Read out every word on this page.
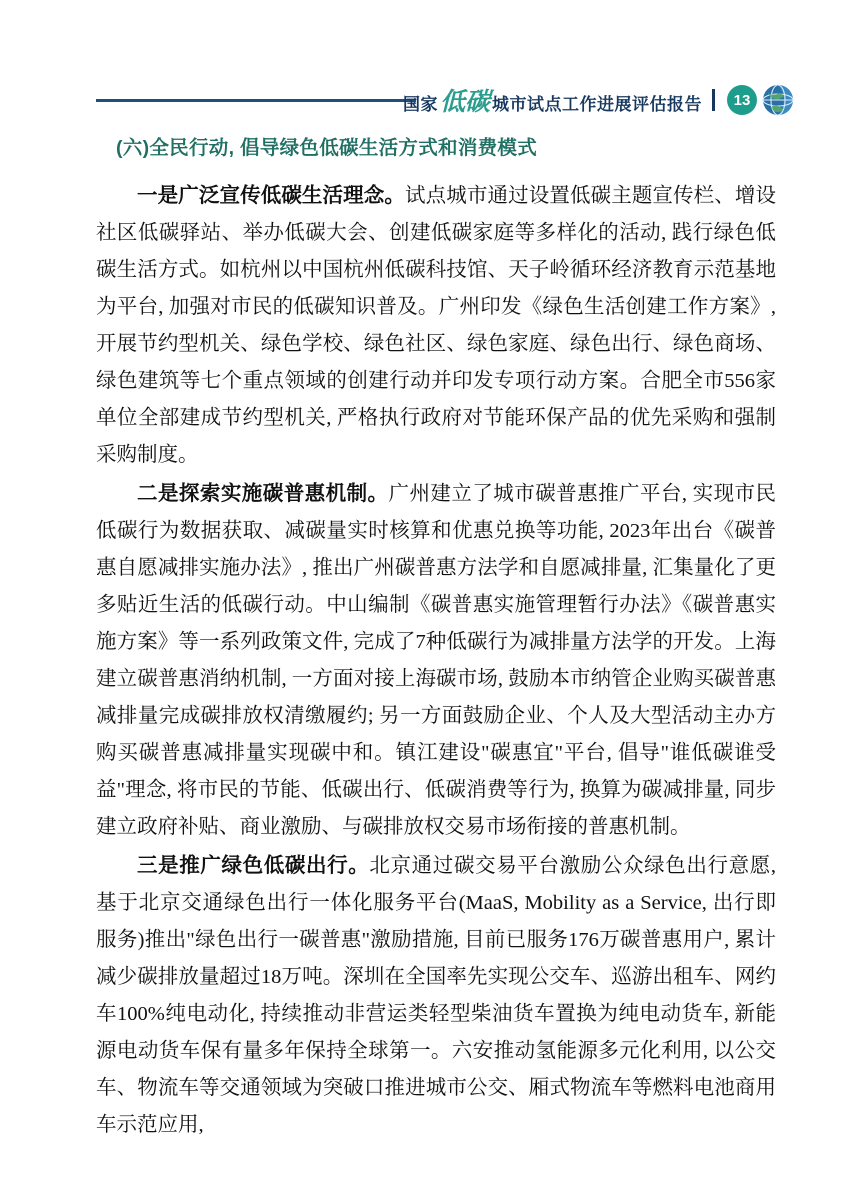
国家低碳 城市试点工作进展评估报告	13
(六)全民行动, 倡导绿色低碳生活方式和消费模式

一是广泛宣传低碳生活理念。试点城市通过设置低碳主题宣传栏、增设社区低碳驿站、举办低碳大会、创建低碳家庭等多样化的活动, 践行绿色低碳生活方式。如杭州以中国杭州低碳科技馆、天子岭循环经济教育示范基地为平台, 加强对市民的低碳知识普及。广州印发《绿色生活创建工作方案》, 开展节约型机关、绿色学校、绿色社区、绿色家庭、绿色出行、绿色商场、绿色建筑等七个重点领域的创建行动并印发专项行动方案。合肥全市556家单位全部建成节约型机关, 严格执行政府对节能环保产品的优先采购和强制采购制度。

二是探索实施碳普惠机制。广州建立了城市碳普惠推广平台, 实现市民低碳行为数据获取、减碳量实时核算和优惠兑换等功能, 2023年出台《碳普惠自愿减排实施办法》, 推出广州碳普惠方法学和自愿减排量, 汇集量化了更多贴近生活的低碳行动。中山编制《碳普惠实施管理暂行办法》《碳普惠实施方案》等一系列政策文件, 完成了7种低碳行为减排量方法学的开发。上海建立碳普惠消纳机制, 一方面对接上海碳市场, 鼓励本市纳管企业购买碳普惠减排量完成碳排放权清缴履约; 另一方面鼓励企业、个人及大型活动主办方购买碳普惠减排量实现碳中和。镇江建设"碳惠宜"平台, 倡导"谁低碳谁受益"理念, 将市民的节能、低碳出行、低碳消费等行为, 换算为碳减排量, 同步建立政府补贴、商业激励、与碳排放权交易市场衔接的普惠机制。

三是推广绿色低碳出行。北京通过碳交易平台激励公众绿色出行意愿, 基于北京交通绿色出行一体化服务平台(MaaS, Mobility as a Service, 出行即服务)推出"绿色出行一碳普惠"激励措施, 目前已服务176万碳普惠用户, 累计减少碳排放量超过18万吨。深圳在全国率先实现公交车、巡游出租车、网约车100%纯电动化, 持续推动非营运类轻型柴油货车置换为纯电动货车, 新能源电动货车保有量多年保持全球第一。六安推动氢能源多元化利用, 以公交车、物流车等交通领域为突破口推进城市公交、厢式物流车等燃料电池商用车示范应用,
